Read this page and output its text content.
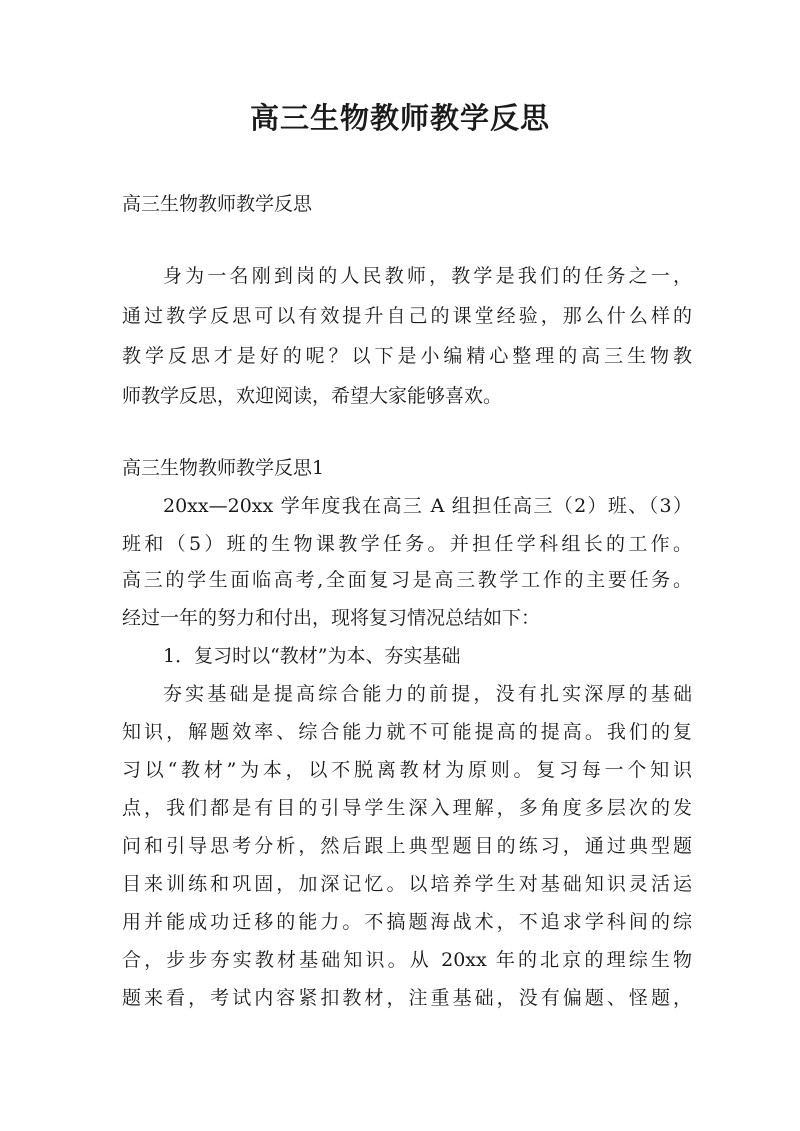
高三生物教师教学反思
高三生物教师教学反思
身为一名刚到岗的人民教师，教学是我们的任务之一，
通过教学反思可以有效提升自己的课堂经验，那么什么样的
教学反思才是好的呢？以下是小编精心整理的高三生物教
师教学反思，欢迎阅读，希望大家能够喜欢。
高三生物教师教学反思1
20xx—20xx 学年度我在高三 A 组担任高三（2）班、（3）
班和（5）班的生物课教学任务。并担任学科组长的工作。
高三的学生面临高考,全面复习是高三教学工作的主要任务。
经过一年的努力和付出，现将复习情况总结如下：
1．复习时以“教材”为本、夯实基础
夯实基础是提高综合能力的前提，没有扎实深厚的基础
知识，解题效率、综合能力就不可能提高的提高。我们的复
习以“教材”为本，以不脱离教材为原则。复习每一个知识
点，我们都是有目的引导学生深入理解，多角度多层次的发
问和引导思考分析，然后跟上典型题目的练习，通过典型题
目来训练和巩固，加深记忆。以培养学生对基础知识灵活运
用并能成功迁移的能力。不搞题海战术，不追求学科间的综
合，步步夯实教材基础知识。从 20xx 年的北京的理综生物
题来看，考试内容紧扣教材，注重基础，没有偏题、怪题，
